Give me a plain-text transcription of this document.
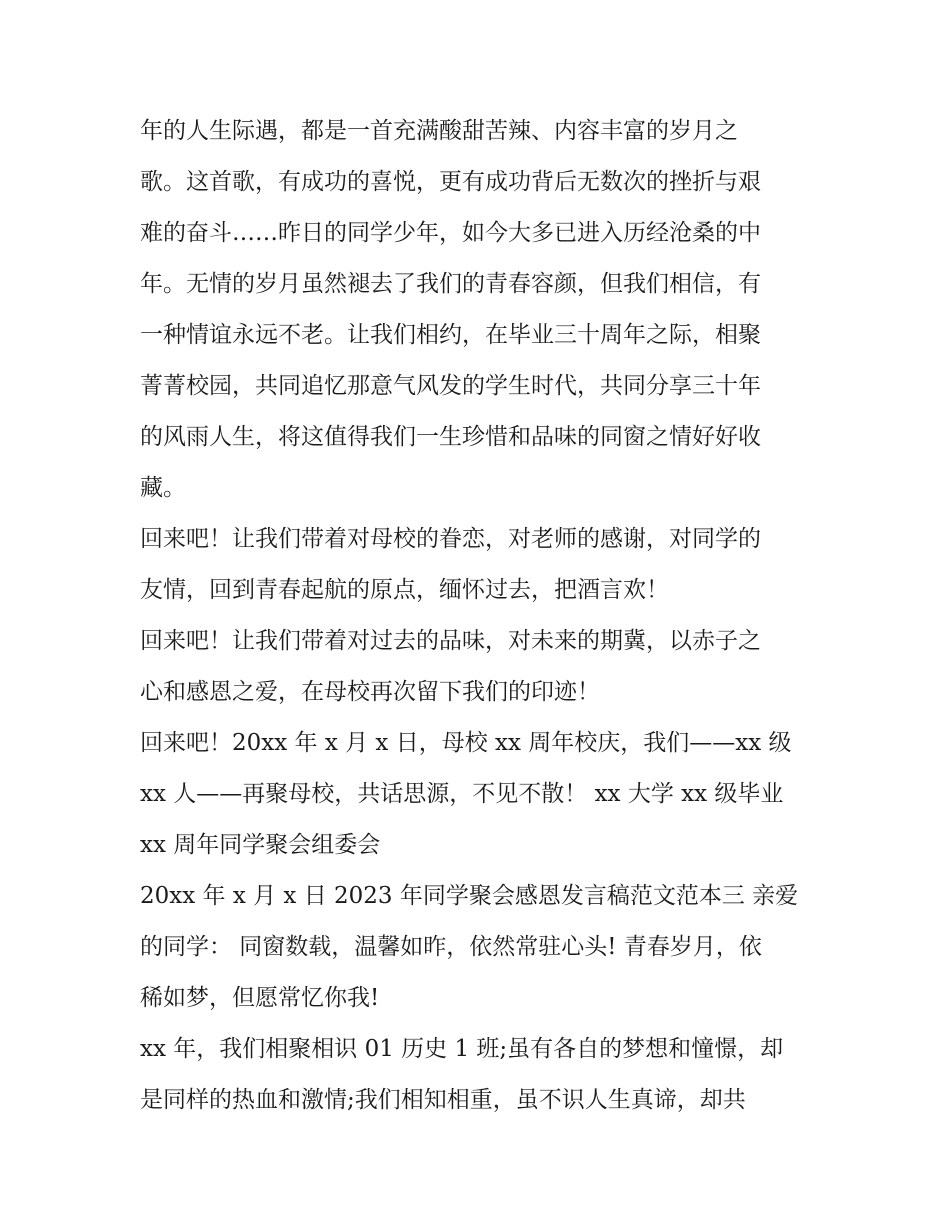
年的人生际遇，都是一首充满酸甜苦辣、内容丰富的岁月之
歌。这首歌，有成功的喜悦，更有成功背后无数次的挫折与艰
难的奋斗……昨日的同学少年，如今大多已进入历经沧桑的中
年。无情的岁月虽然褪去了我们的青春容颜，但我们相信，有
一种情谊永远不老。让我们相约，在毕业三十周年之际，相聚
菁菁校园，共同追忆那意气风发的学生时代，共同分享三十年
的风雨人生，将这值得我们一生珍惜和品味的同窗之情好好收
藏。
回来吧！让我们带着对母校的眷恋，对老师的感谢，对同学的
友情，回到青春起航的原点，缅怀过去，把酒言欢！
回来吧！让我们带着对过去的品味，对未来的期冀，以赤子之
心和感恩之爱，在母校再次留下我们的印迹！
回来吧！20xx 年 x 月 x 日，母校 xx 周年校庆，我们——xx 级
xx 人——再聚母校，共话思源，不见不散！ xx 大学 xx 级毕业
xx 周年同学聚会组委会
20xx 年 x 月 x 日 2023 年同学聚会感恩发言稿范文范本三 亲爱
的同学： 同窗数载，温馨如昨，依然常驻心头! 青春岁月，依
稀如梦，但愿常忆你我!
xx 年，我们相聚相识 01 历史 1 班;虽有各自的梦想和憧憬，却
是同样的热血和激情;我们相知相重，虽不识人生真谛，却共
